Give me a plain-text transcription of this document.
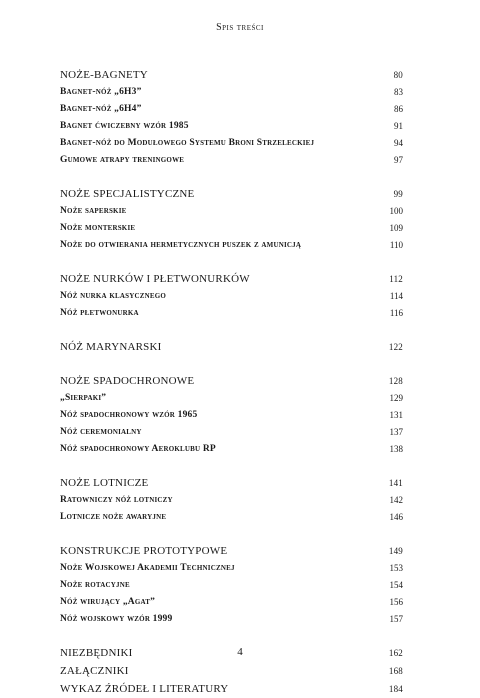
Spis treści
NOŻE-BAGNETY	80
Bagnet-nóż „6H3”	83
Bagnet-nóż „6H4”	86
Bagnet ćwiczebny wzór 1985	91
Bagnet-nóż do Modułowego Systemu Broni Strzeleckiej	94
Gumowe atrapy treningowe	97
NOŻE SPECJALISTYCZNE	99
Noże saperskie	100
Noże monterskie	109
Noże do otwierania hermetycznych puszek z amunicją	110
NOŻE NURKÓW I PŁETWONURKÓW	112
Nóż nurka klasycznego	114
Nóż płetwonurka	116
NÓŻ MARYNARSKI	122
NOŻE SPADOCHRONOWE	128
„Sierpaki”	129
Nóż spadochronowy wzór 1965	131
Nóż ceremonialny	137
Nóż spadochronowy Aeroklubu RP	138
NOŻE LOTNICZE	141
Ratowniczy nóż lotniczy	142
Lotnicze noże awaryjne	146
KONSTRUKCJE PROTOTYPOWE	149
Noże Wojskowej Akademii Technicznej	153
Noże rotacyjne	154
Nóż wirujący „Agat”	156
Nóż wojskowy wzór 1999	157
NIEZBĘDNIKI	162
ZAŁĄCZNIKI	168
WYKAZ ŹRÓDEŁ I LITERATURY	184
4
